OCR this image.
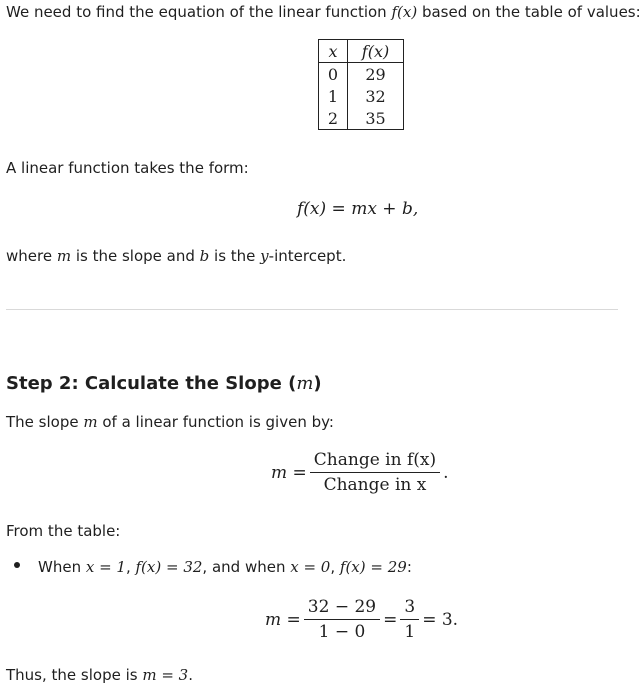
We need to find the equation of the linear function f(x) based on the table of values:
x	f(x)
0	29
1	32
2	35
A linear function takes the form:
f(x) = mx + b,
where m is the slope and b is the y-intercept.
Step 2: Calculate the Slope (m)
The slope m of a linear function is given by:
$m = \frac{\text{Change in f(x)}}{\text{Change in x}}$ .
From the table:
When x = 1, f(x) = 32, and when x = 0, f(x) = 29:
$m = \frac{32 - 29}{1 - 0} = \frac{3}{1} = 3$.
Thus, the slope is m = 3.
